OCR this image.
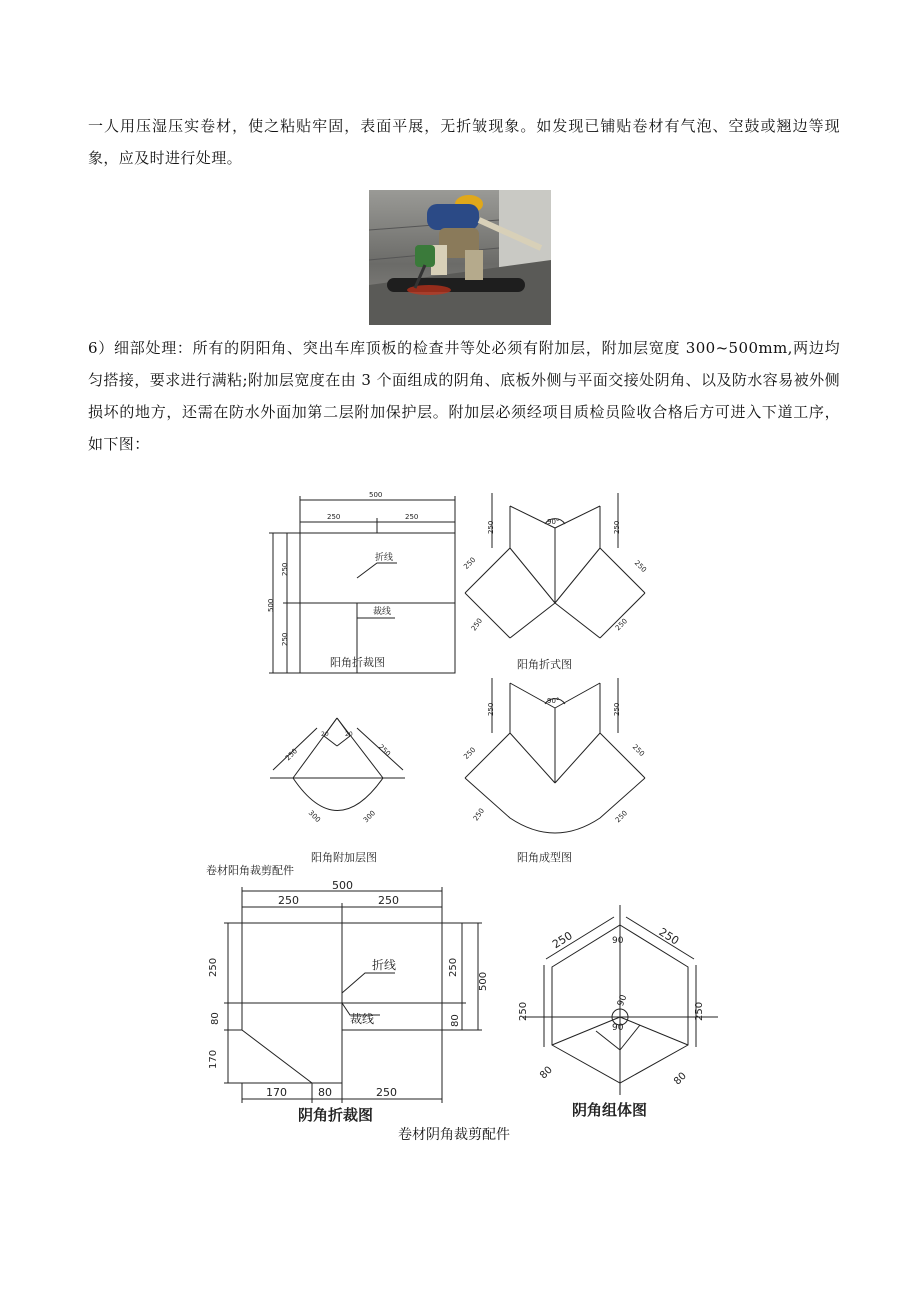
一人用压湿压实卷材，使之粘贴牢固，表面平展，无折皱现象。如发现已铺贴卷材有气泡、空鼓或翘边等现象，应及时进行处理。

6）细部处理：所有的阴阳角、突出车库顶板的检查井等处必须有附加层，附加层宽度 300~500mm,两边均匀搭接，要求进行满粘;附加层宽度在由 3 个面组成的阴角、底板外侧与平面交接处阴角、以及防水容易被外侧损坏的地方，还需在防水外面加第二层附加保护层。附加层必须经项目质检员险收合格后方可进入下道工序，如下图：

500
250	250
500
250
250
折线
裁线
阳角折裁图
250	250
90°
250	250
250	250
阳角折式图
20	20
250	250
300	300
阳角附加层图
250	250
90°
250	250
250	250
阳角成型图
卷材阳角裁剪配件
500
250	250
250
80
170
250
80
500
170	80	250
折线
裁线
阴角折裁图
250	250
250	250
80	80
90
90
90
阴角组体图
卷材阴角裁剪配件
